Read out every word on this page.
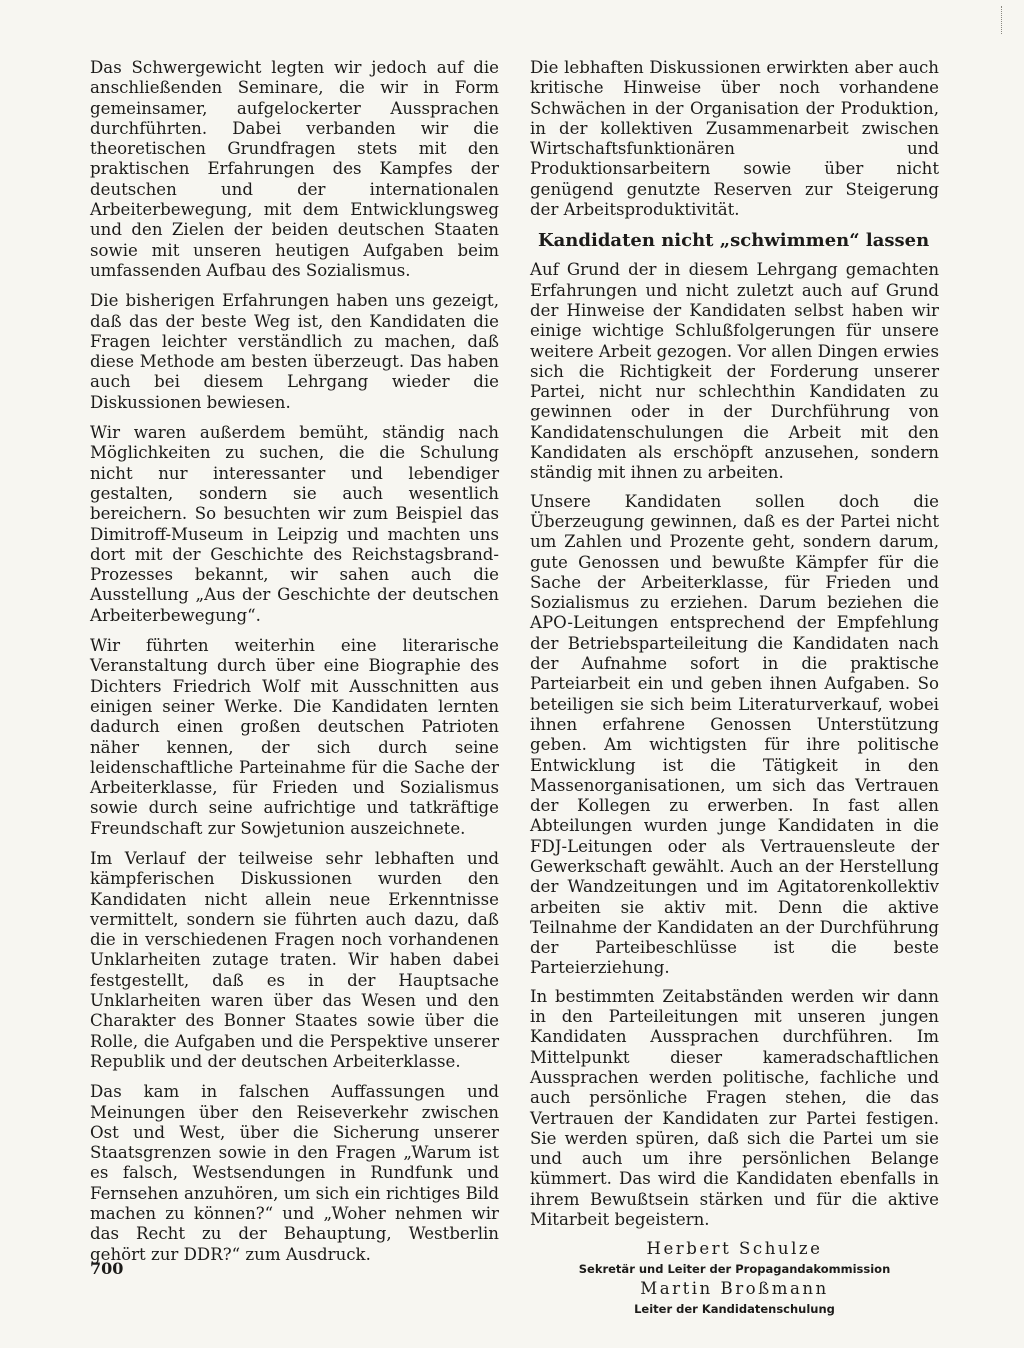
Das Schwergewicht legten wir jedoch auf die anschließenden Seminare, die wir in Form gemeinsamer, aufgelockerter Aussprachen durchführten. Dabei verbanden wir die theoretischen Grundfragen stets mit den praktischen Erfahrungen des Kampfes der deutschen und der internationalen Arbeiterbewegung, mit dem Entwicklungsweg und den Zielen der beiden deutschen Staaten sowie mit unseren heutigen Aufgaben beim umfassenden Aufbau des Sozialismus.

Die bisherigen Erfahrungen haben uns gezeigt, daß das der beste Weg ist, den Kandidaten die Fragen leichter verständlich zu machen, daß diese Methode am besten überzeugt. Das haben auch bei diesem Lehrgang wieder die Diskussionen bewiesen.

Wir waren außerdem bemüht, ständig nach Möglichkeiten zu suchen, die die Schulung nicht nur interessanter und lebendiger gestalten, sondern sie auch wesentlich bereichern. So besuchten wir zum Beispiel das Dimitroff-Museum in Leipzig und machten uns dort mit der Geschichte des Reichstagsbrand-Prozesses bekannt, wir sahen auch die Ausstellung „Aus der Geschichte der deutschen Arbeiterbewegung“.

Wir führten weiterhin eine literarische Veranstaltung durch über eine Biographie des Dichters Friedrich Wolf mit Ausschnitten aus einigen seiner Werke. Die Kandidaten lernten dadurch einen großen deutschen Patrioten näher kennen, der sich durch seine leidenschaftliche Parteinahme für die Sache der Arbeiterklasse, für Frieden und Sozialismus sowie durch seine aufrichtige und tatkräftige Freundschaft zur Sowjetunion auszeichnete.

Im Verlauf der teilweise sehr lebhaften und kämpferischen Diskussionen wurden den Kandidaten nicht allein neue Erkenntnisse vermittelt, sondern sie führten auch dazu, daß die in verschiedenen Fragen noch vorhandenen Unklarheiten zutage traten. Wir haben dabei festgestellt, daß es in der Hauptsache Unklarheiten waren über das Wesen und den Charakter des Bonner Staates sowie über die Rolle, die Aufgaben und die Perspektive unserer Republik und der deutschen Arbeiterklasse.

Das kam in falschen Auffassungen und Meinungen über den Reiseverkehr zwischen Ost und West, über die Sicherung unserer Staatsgrenzen sowie in den Fragen „Warum ist es falsch, Westsendungen in Rundfunk und Fernsehen anzuhören, um sich ein richtiges Bild machen zu können?“ und „Woher nehmen wir das Recht zu der Behauptung, Westberlin gehört zur DDR?“ zum Ausdruck.

Die lebhaften Diskussionen erwirkten aber auch kritische Hinweise über noch vorhandene Schwächen in der Organisation der Produktion, in der kollektiven Zusammenarbeit zwischen Wirtschaftsfunktionären und Produktionsarbeitern sowie über nicht genügend genutzte Reserven zur Steigerung der Arbeitsproduktivität.

Kandidaten nicht „schwimmen“ lassen

Auf Grund der in diesem Lehrgang gemachten Erfahrungen und nicht zuletzt auch auf Grund der Hinweise der Kandidaten selbst haben wir einige wichtige Schlußfolgerungen für unsere weitere Arbeit gezogen. Vor allen Dingen erwies sich die Richtigkeit der Forderung unserer Partei, nicht nur schlechthin Kandidaten zu gewinnen oder in der Durchführung von Kandidatenschulungen die Arbeit mit den Kandidaten als erschöpft anzusehen, sondern ständig mit ihnen zu arbeiten.

Unsere Kandidaten sollen doch die Überzeugung gewinnen, daß es der Partei nicht um Zahlen und Prozente geht, sondern darum, gute Genossen und bewußte Kämpfer für die Sache der Arbeiterklasse, für Frieden und Sozialismus zu erziehen. Darum beziehen die APO-Leitungen entsprechend der Empfehlung der Betriebsparteileitung die Kandidaten nach der Aufnahme sofort in die praktische Parteiarbeit ein und geben ihnen Aufgaben. So beteiligen sie sich beim Literaturverkauf, wobei ihnen erfahrene Genossen Unterstützung geben. Am wichtigsten für ihre politische Entwicklung ist die Tätigkeit in den Massenorganisationen, um sich das Vertrauen der Kollegen zu erwerben. In fast allen Abteilungen wurden junge Kandidaten in die FDJ-Leitungen oder als Vertrauensleute der Gewerkschaft gewählt. Auch an der Herstellung der Wandzeitungen und im Agitatorenkollektiv arbeiten sie aktiv mit. Denn die aktive Teilnahme der Kandidaten an der Durchführung der Parteibeschlüsse ist die beste Parteierziehung.

In bestimmten Zeitabständen werden wir dann in den Parteileitungen mit unseren jungen Kandidaten Aussprachen durchführen. Im Mittelpunkt dieser kameradschaftlichen Aussprachen werden politische, fachliche und auch persönliche Fragen stehen, die das Vertrauen der Kandidaten zur Partei festigen. Sie werden spüren, daß sich die Partei um sie und auch um ihre persönlichen Belange kümmert. Das wird die Kandidaten ebenfalls in ihrem Bewußtsein stärken und für die aktive Mitarbeit begeistern.

Herbert Schulze
Sekretär und Leiter der Propagandakommission
Martin Broßmann
Leiter der Kandidatenschulung
700
